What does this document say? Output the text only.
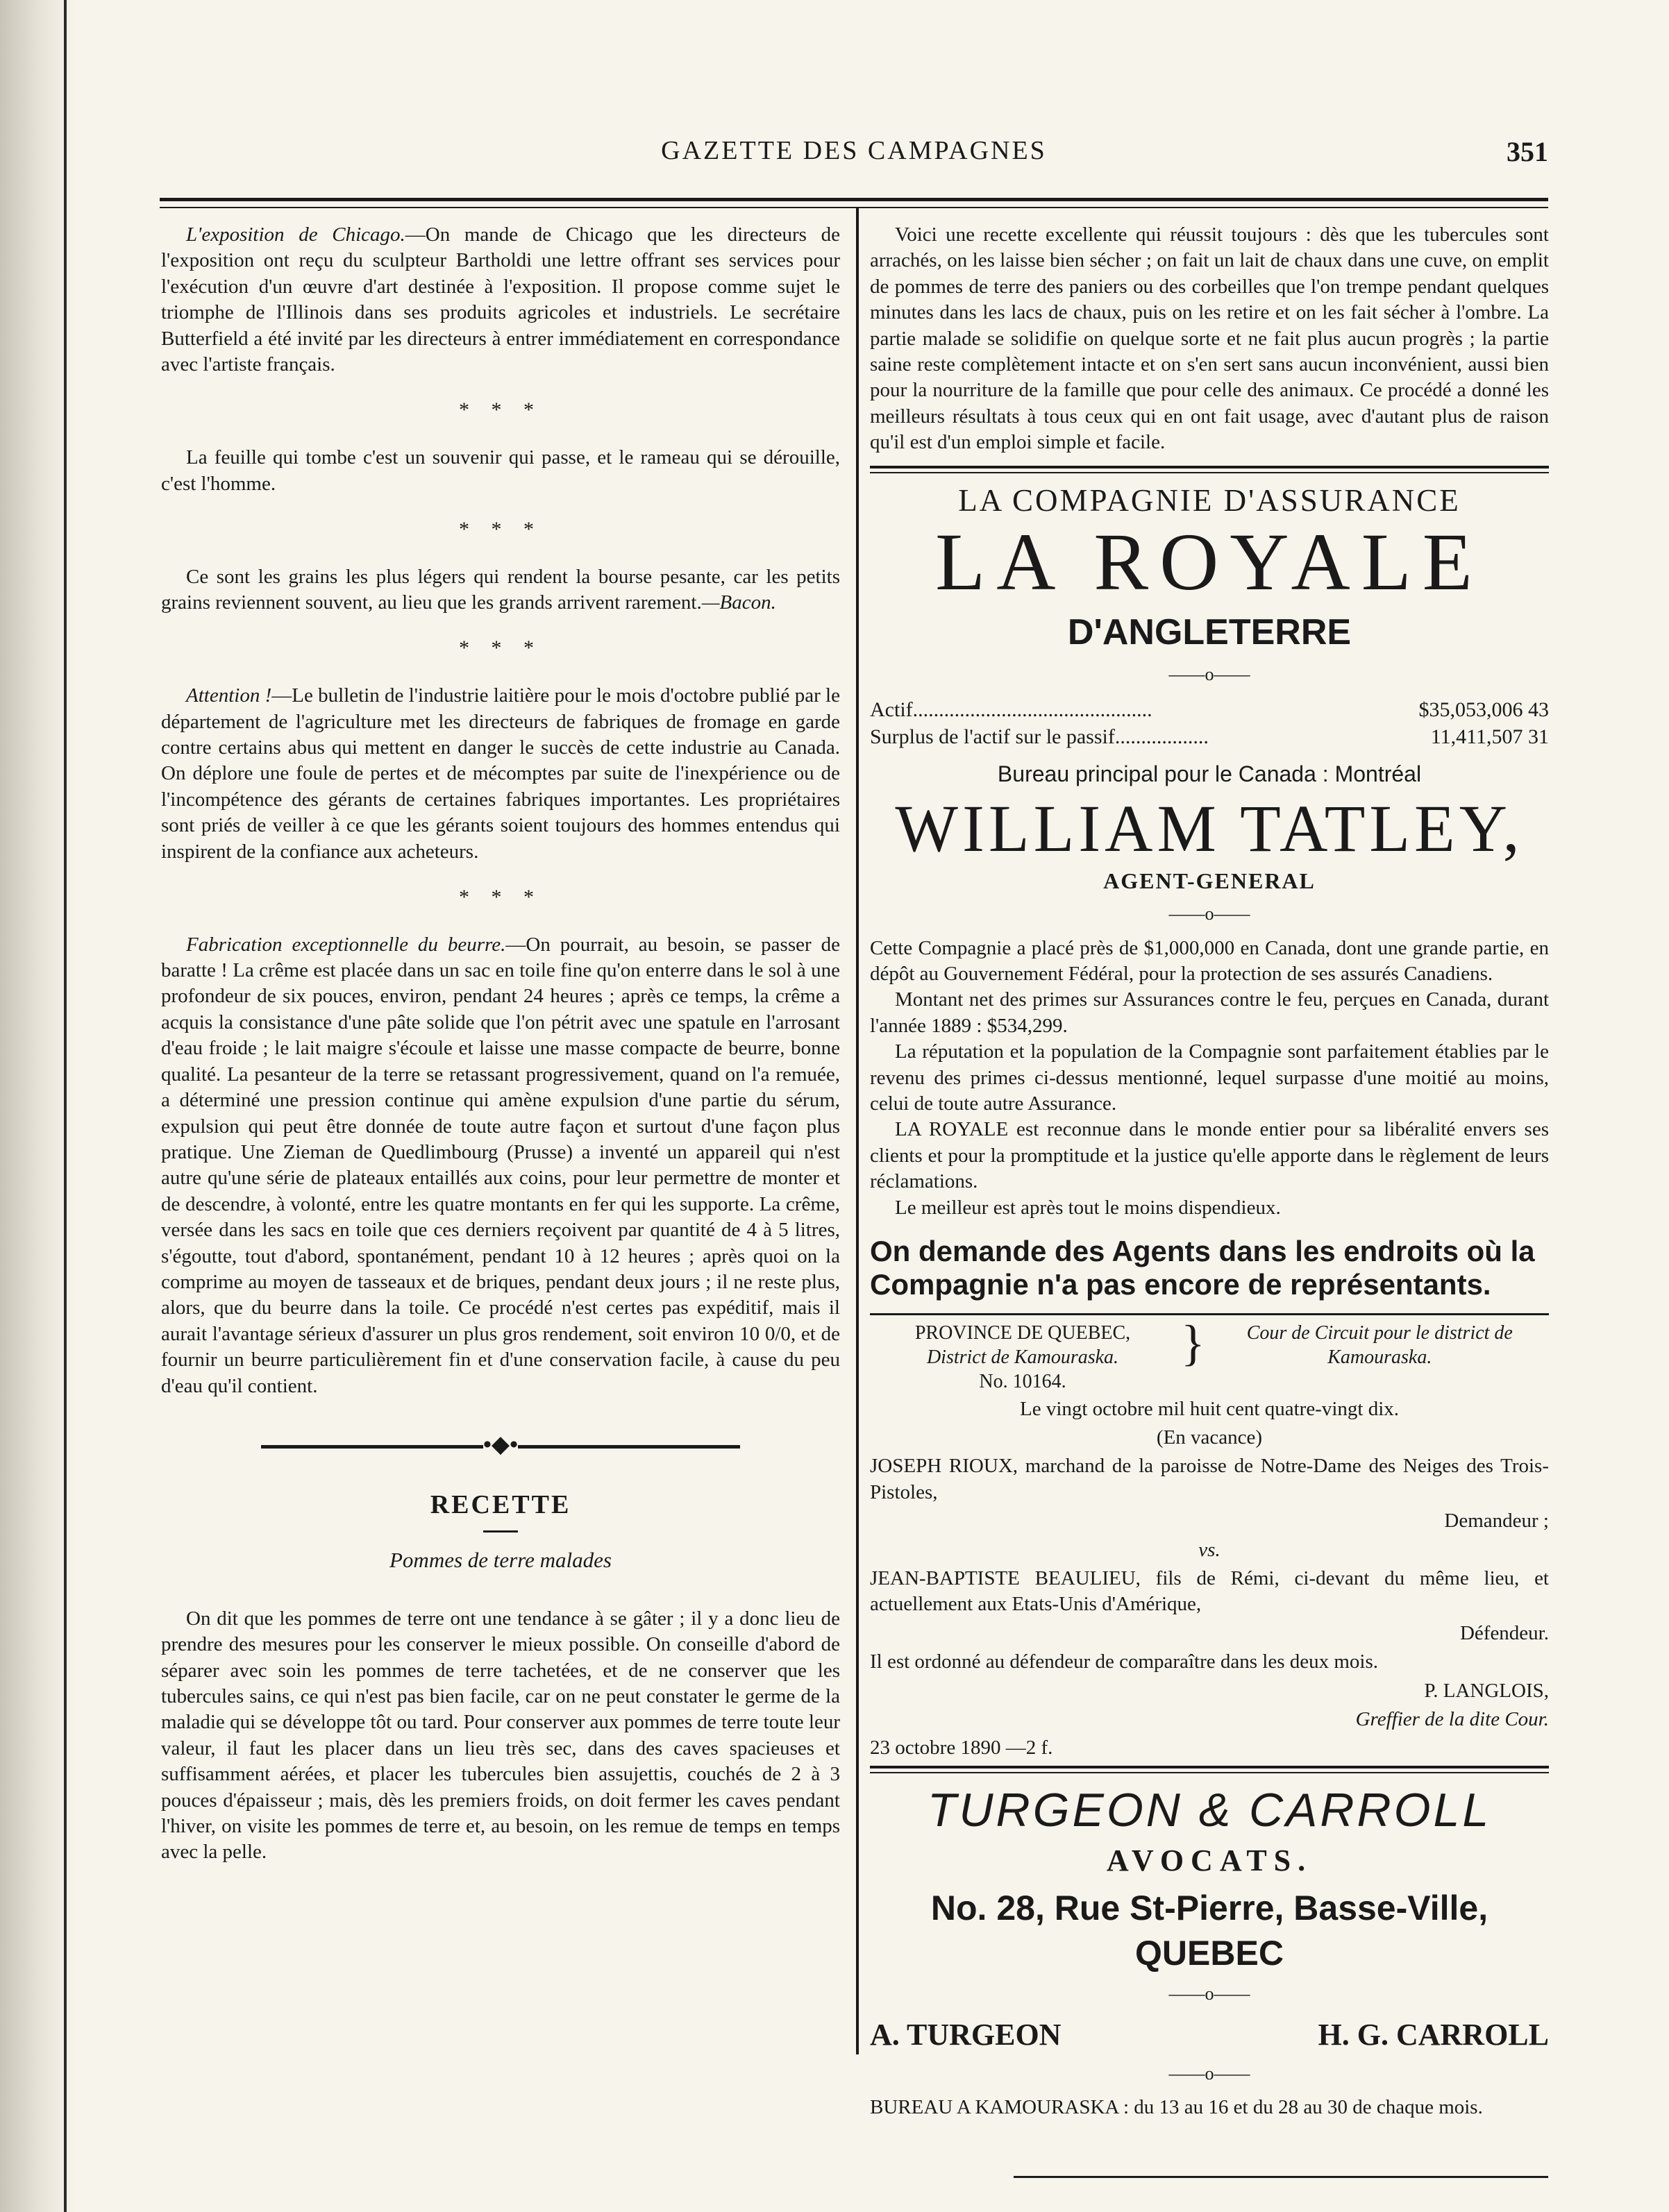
GAZETTE DES CAMPAGNES	351

L'exposition de Chicago.—On mande de Chicago que les directeurs de l'exposition ont reçu du sculpteur Bartholdi une lettre offrant ses services pour l'exécution d'un œuvre d'art destinée à l'exposition. Il propose comme sujet le triomphe de l'Illinois dans ses produits agricoles et industriels. Le secrétaire Butterfield a été invité par les directeurs à entrer immédiatement en correspondance avec l'artiste français.

* * *

La feuille qui tombe c'est un souvenir qui passe, et le rameau qui se dérouille, c'est l'homme.

* * *

Ce sont les grains les plus légers qui rendent la bourse pesante, car les petits grains reviennent souvent, au lieu que les grands arrivent rarement.—Bacon.

* * *

Attention !—Le bulletin de l'industrie laitière pour le mois d'octobre publié par le département de l'agriculture met les directeurs de fabriques de fromage en garde contre certains abus qui mettent en danger le succès de cette industrie au Canada. On déplore une foule de pertes et de mécomptes par suite de l'inexpérience ou de l'incompétence des gérants de certaines fabriques importantes. Les propriétaires sont priés de veiller à ce que les gérants soient toujours des hommes entendus qui inspirent de la confiance aux acheteurs.

* * *

Fabrication exceptionnelle du beurre.—On pourrait, au besoin, se passer de baratte ! La crême est placée dans un sac en toile fine qu'on enterre dans le sol à une profondeur de six pouces, environ, pendant 24 heures ; après ce temps, la crême a acquis la consistance d'une pâte solide que l'on pétrit avec une spatule en l'arrosant d'eau froide ; le lait maigre s'écoule et laisse une masse compacte de beurre, bonne qualité. La pesanteur de la terre se retassant progressivement, quand on l'a remuée, a déterminé une pression continue qui amène expulsion d'une partie du sérum, expulsion qui peut être donnée de toute autre façon et surtout d'une façon plus pratique. Une Zieman de Quedlimbourg (Prusse) a inventé un appareil qui n'est autre qu'une série de plateaux entaillés aux coins, pour leur permettre de monter et de descendre, à volonté, entre les quatre montants en fer qui les supporte. La crême, versée dans les sacs en toile que ces derniers reçoivent par quantité de 4 à 5 litres, s'égoutte, tout d'abord, spontanément, pendant 10 à 12 heures ; après quoi on la comprime au moyen de tasseaux et de briques, pendant deux jours ; il ne reste plus, alors, que du beurre dans la toile. Ce procédé n'est certes pas expéditif, mais il aurait l'avantage sérieux d'assurer un plus gros rendement, soit environ 10 0/0, et de fournir un beurre particulièrement fin et d'une conservation facile, à cause du peu d'eau qu'il contient.

•◆•
RECETTE
Pommes de terre malades

On dit que les pommes de terre ont une tendance à se gâter ; il y a donc lieu de prendre des mesures pour les conserver le mieux possible. On conseille d'abord de séparer avec soin les pommes de terre tachetées, et de ne conserver que les tubercules sains, ce qui n'est pas bien facile, car on ne peut constater le germe de la maladie qui se développe tôt ou tard. Pour conserver aux pommes de terre toute leur valeur, il faut les placer dans un lieu très sec, dans des caves spacieuses et suffisamment aérées, et placer les tubercules bien assujettis, couchés de 2 à 3 pouces d'épaisseur ; mais, dès les premiers froids, on doit fermer les caves pendant l'hiver, on visite les pommes de terre et, au besoin, on les remue de temps en temps avec la pelle.

Voici une recette excellente qui réussit toujours : dès que les tubercules sont arrachés, on les laisse bien sécher ; on fait un lait de chaux dans une cuve, on emplit de pommes de terre des paniers ou des corbeilles que l'on trempe pendant quelques minutes dans les lacs de chaux, puis on les retire et on les fait sécher à l'ombre. La partie malade se solidifie on quelque sorte et ne fait plus aucun progrès ; la partie saine reste complètement intacte et on s'en sert sans aucun inconvénient, aussi bien pour la nourriture de la famille que pour celle des animaux. Ce procédé a donné les meilleurs résultats à tous ceux qui en ont fait usage, avec d'autant plus de raison qu'il est d'un emploi simple et facile.

LA COMPAGNIE D'ASSURANCE
LA ROYALE
D'ANGLETERRE
——o——
Actif..............................................	$35,053,006 43
Surplus de l'actif sur le passif..................	11,411,507 31
Bureau principal pour le Canada : Montréal
WILLIAM TATLEY,
AGENT-GENERAL
——o——

Cette Compagnie a placé près de $1,000,000 en Canada, dont une grande partie, en dépôt au Gouvernement Fédéral, pour la protection de ses assurés Canadiens.

Montant net des primes sur Assurances contre le feu, perçues en Canada, durant l'année 1889 : $534,299.

La réputation et la population de la Compagnie sont parfaitement établies par le revenu des primes ci-dessus mentionné, lequel surpasse d'une moitié au moins, celui de toute autre Assurance.

LA ROYALE est reconnue dans le monde entier pour sa libéralité envers ses clients et pour la promptitude et la justice qu'elle apporte dans le règlement de leurs réclamations.

Le meilleur est après tout le moins dispendieux.

On demande des Agents dans les endroits où la Compagnie n'a pas encore de représentants.
PROVINCE DE QUEBEC,
District de Kamouraska.
No. 10164.
}	Cour de Circuit pour le district de Kamouraska.

Le vingt octobre mil huit cent quatre-vingt dix.

(En vacance)

JOSEPH RIOUX, marchand de la paroisse de Notre-Dame des Neiges des Trois-Pistoles,

Demandeur ;

vs.

JEAN-BAPTISTE BEAULIEU, fils de Rémi, ci-devant du même lieu, et actuellement aux Etats-Unis d'Amérique,

Défendeur.

Il est ordonné au défendeur de comparaître dans les deux mois.

P. LANGLOIS,

Greffier de la dite Cour.

23 octobre 1890 —2 f.

TURGEON & CARROLL
AVOCATS.
No. 28, Rue St-Pierre, Basse-Ville, QUEBEC
——o——
A. TURGEON	H. G. CARROLL
——o——

BUREAU A KAMOURASKA : du 13 au 16 et du 28 au 30 de chaque mois.
